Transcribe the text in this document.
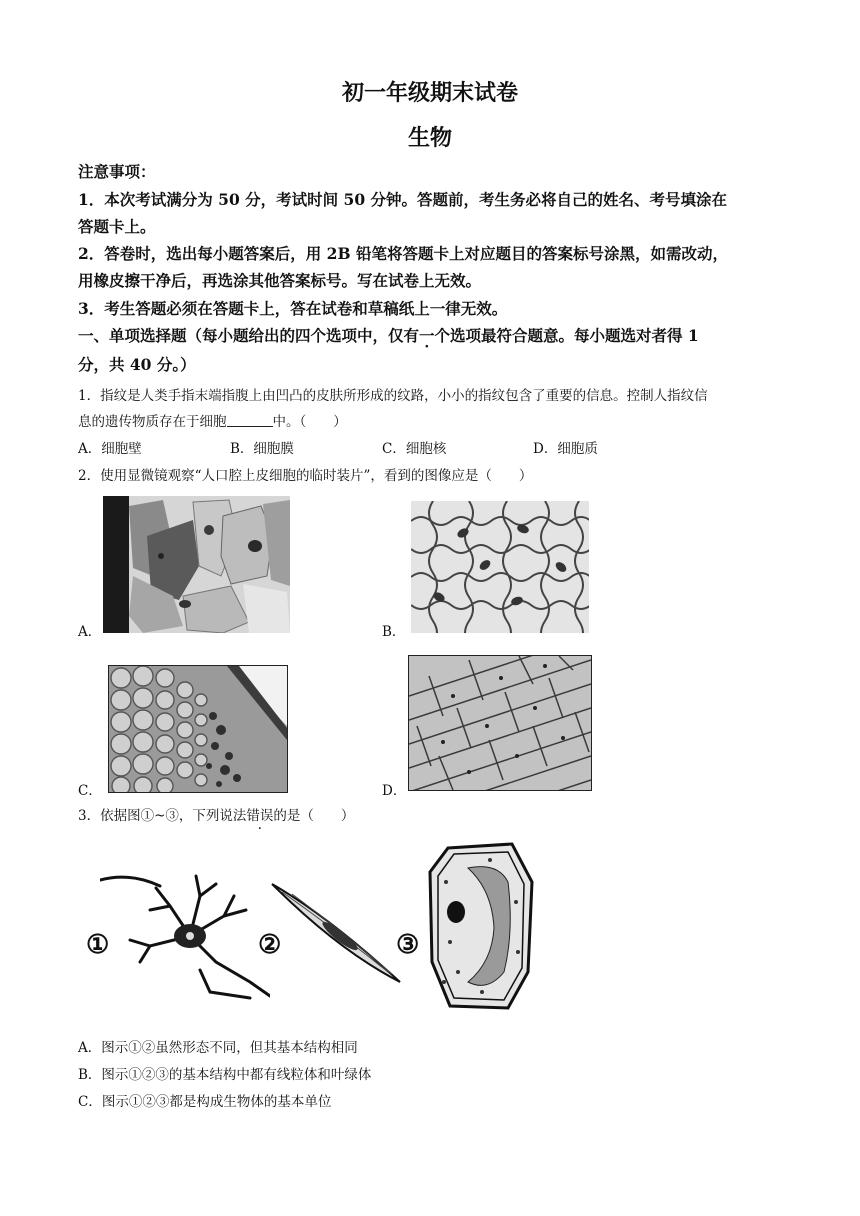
初一年级期末试卷
生物
注意事项：
1．本次考试满分为 50 分，考试时间 50 分钟。答题前，考生务必将自己的姓名、考号填涂在
答题卡上。
2．答卷时，选出每小题答案后，用 2B 铅笔将答题卡上对应题目的答案标号涂黑，如需改动，
用橡皮擦干净后，再选涂其他答案标号。写在试卷上无效。
3．考生答题必须在答题卡上，答在试卷和草稿纸上一律无效。
一、单项选择题（每小题给出的四个选项中，仅有一个选项最符合题意。每小题选对者得 1
分，共 40 分。）
1．指纹是人类手指末端指腹上由凹凸的皮肤所形成的纹路，小小的指纹包含了重要的信息。控制人指纹信
息的遗传物质存在于细胞	中。（　　）
A．细胞壁	B．细胞膜	C．细胞核	D．细胞质
2．使用显微镜观察“人口腔上皮细胞的临时装片”，看到的图像应是（　　）
A．	B．
C．	D．
3．依据图①~③，下列说法错误的是（　　）
①	②	③
A．图示①②虽然形态不同，但其基本结构相同
B．图示①②③的基本结构中都有线粒体和叶绿体
C．图示①②③都是构成生物体的基本单位
